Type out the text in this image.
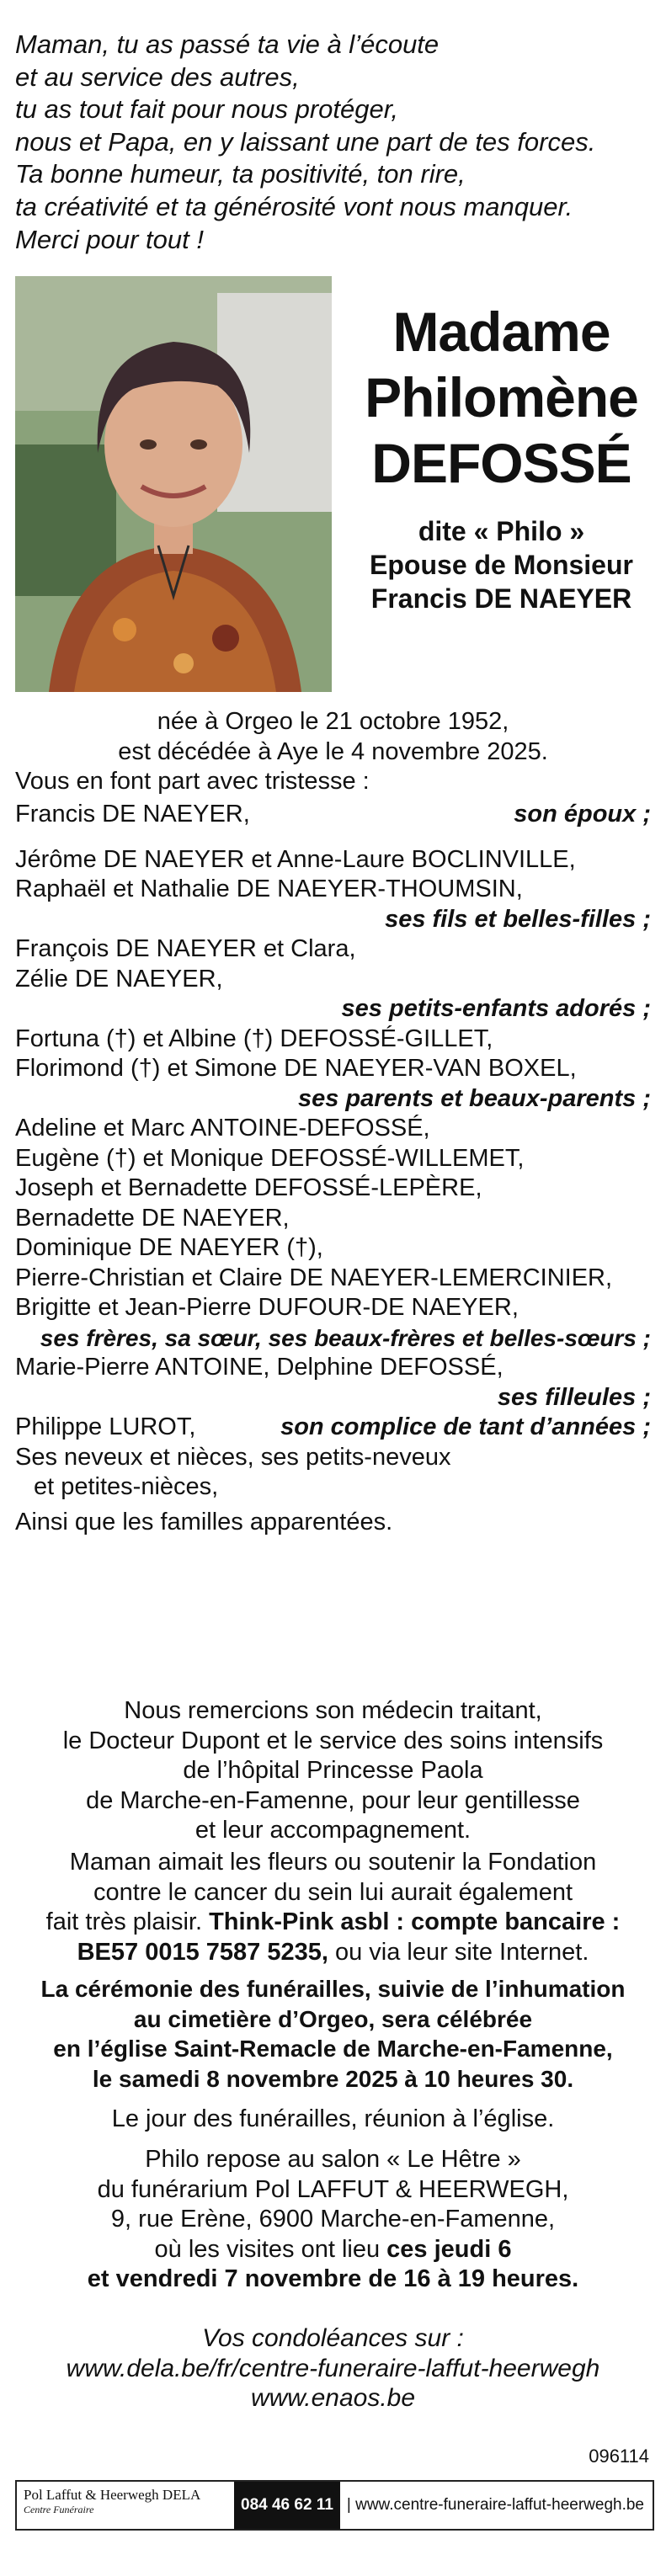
Maman, tu as passé ta vie à l’écoute
et au service des autres,
tu as tout fait pour nous protéger,
nous et Papa, en y laissant une part de tes forces.
Ta bonne humeur, ta positivité, ton rire,
ta créativité et ta générosité vont nous manquer.
Merci pour tout !
Madame
Philomène
DEFOSSÉ
dite « Philo »
Epouse de Monsieur
Francis DE NAEYER
née à Orgeo le 21 octobre 1952,
est décédée à Aye le 4 novembre 2025.
Vous en font part avec tristesse :
Francis DE NAEYER,	son époux ;
Jérôme DE NAEYER et Anne-Laure BOCLINVILLE,
Raphaël et Nathalie DE NAEYER-THOUMSIN,
ses fils et belles-filles ;
François DE NAEYER et Clara,
Zélie DE NAEYER,
ses petits-enfants adorés ;
Fortuna (†) et Albine (†) DEFOSSÉ-GILLET,
Florimond (†) et Simone DE NAEYER-VAN BOXEL,
ses parents et beaux-parents ;
Adeline et Marc ANTOINE-DEFOSSÉ,
Eugène (†) et Monique DEFOSSÉ-WILLEMET,
Joseph et Bernadette DEFOSSÉ-LEPÈRE,
Bernadette DE NAEYER,
Dominique DE NAEYER (†),
Pierre-Christian et Claire DE NAEYER-LEMERCINIER,
Brigitte et Jean-Pierre DUFOUR-DE NAEYER,
ses frères, sa sœur, ses beaux-frères et belles-sœurs ;
Marie-Pierre ANTOINE, Delphine DEFOSSÉ,
ses filleules ;
Philippe LUROT,	son complice de tant d’années ;
Ses neveux et nièces, ses petits-neveux
et petites-nièces,
Ainsi que les familles apparentées.
Nous remercions son médecin traitant,
le Docteur Dupont et le service des soins intensifs
de l’hôpital Princesse Paola
de Marche-en-Famenne, pour leur gentillesse
et leur accompagnement.
Maman aimait les fleurs ou soutenir la Fondation
contre le cancer du sein lui aurait également
fait très plaisir. Think-Pink asbl : compte bancaire :
BE57 0015 7587 5235, ou via leur site Internet.
La cérémonie des funérailles, suivie de l’inhumation
au cimetière d’Orgeo, sera célébrée
en l’église Saint-Remacle de Marche-en-Famenne,
le samedi 8 novembre 2025 à 10 heures 30.
Le jour des funérailles, réunion à l’église.
Philo repose au salon « Le Hêtre »
du funérarium Pol LAFFUT & HEERWEGH,
9, rue Erène, 6900 Marche-en-Famenne,
où les visites ont lieu ces jeudi 6
et vendredi 7 novembre de 16 à 19 heures.
Vos condoléances sur :
www.dela.be/fr/centre-funeraire-laffut-heerwegh
www.enaos.be
096114
Pol Laffut & Heerwegh DELA
Centre Funéraire	084 46 62 11 | www.centre-funeraire-laffut-heerwegh.be
